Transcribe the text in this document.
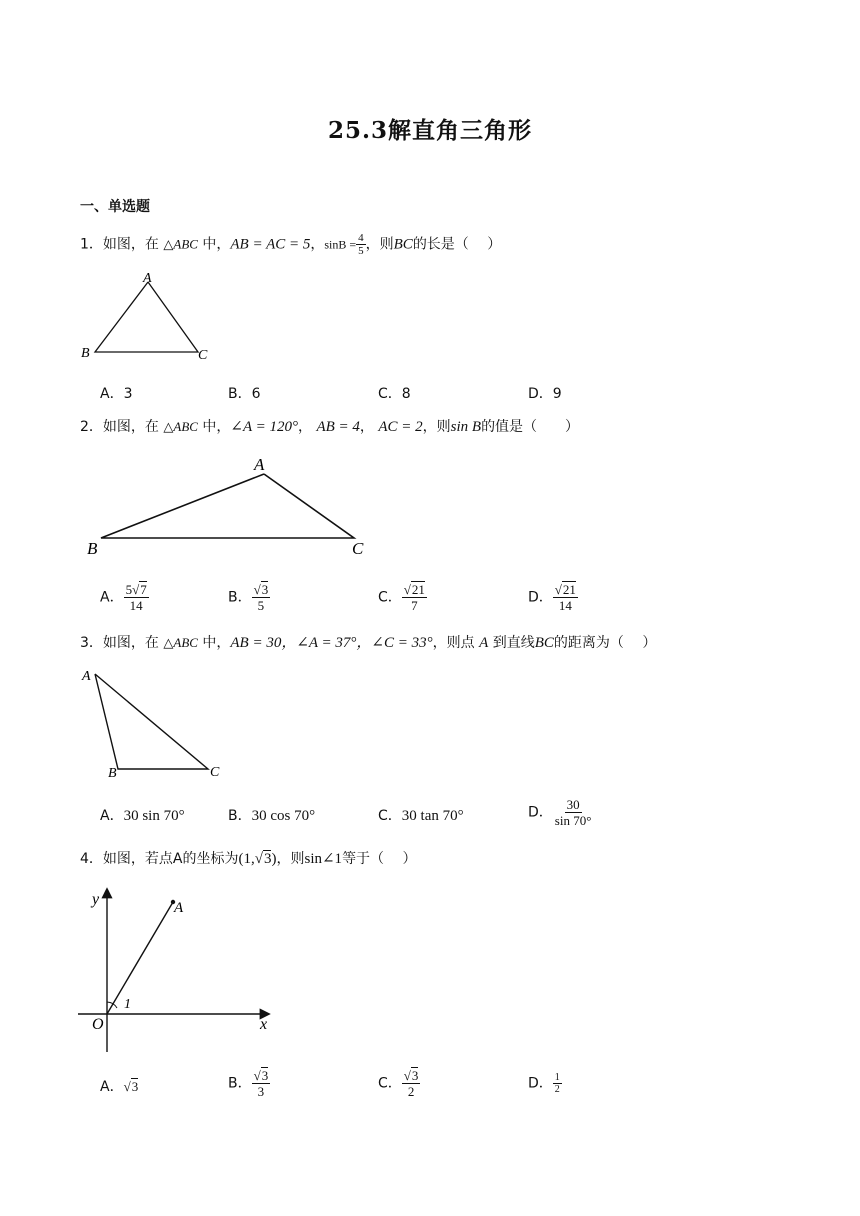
25.3解直角三角形
一、单选题
1．如图，在 △ABC 中，AB = AC = 5，$\sin B = \frac{4}{5}$ ，则BC的长是（　 ）
A
B	C
A．3	B．6	C．8	D．9
2．如图，在 △ABC 中，∠A = 120°， AB = 4， AC = 2，则sin B的值是（　　）
A
B	C
A． $\frac{5√7}{14}$	B． $\frac{√3}{5}$	C． $\frac{√21}{7}$	D． $\frac{√21}{14}$
3．如图，在 △ABC 中，AB = 30，∠A = 37°，∠C = 33°，则点 A 到直线BC的距离为（　 ）
A
B	C
A．30 sin 70°	B．30 cos 70°	C．30 tan 70°	D． $\frac{30}{\sin 70^\circ}$
4．如图，若点A的坐标为(1,√3)，则sin∠1等于（　 ）
y	A
1
O	x
A．√3	B． $\frac{√3}{3}$	C． $\frac{√3}{2}$	D． $\frac{1}{2}$
